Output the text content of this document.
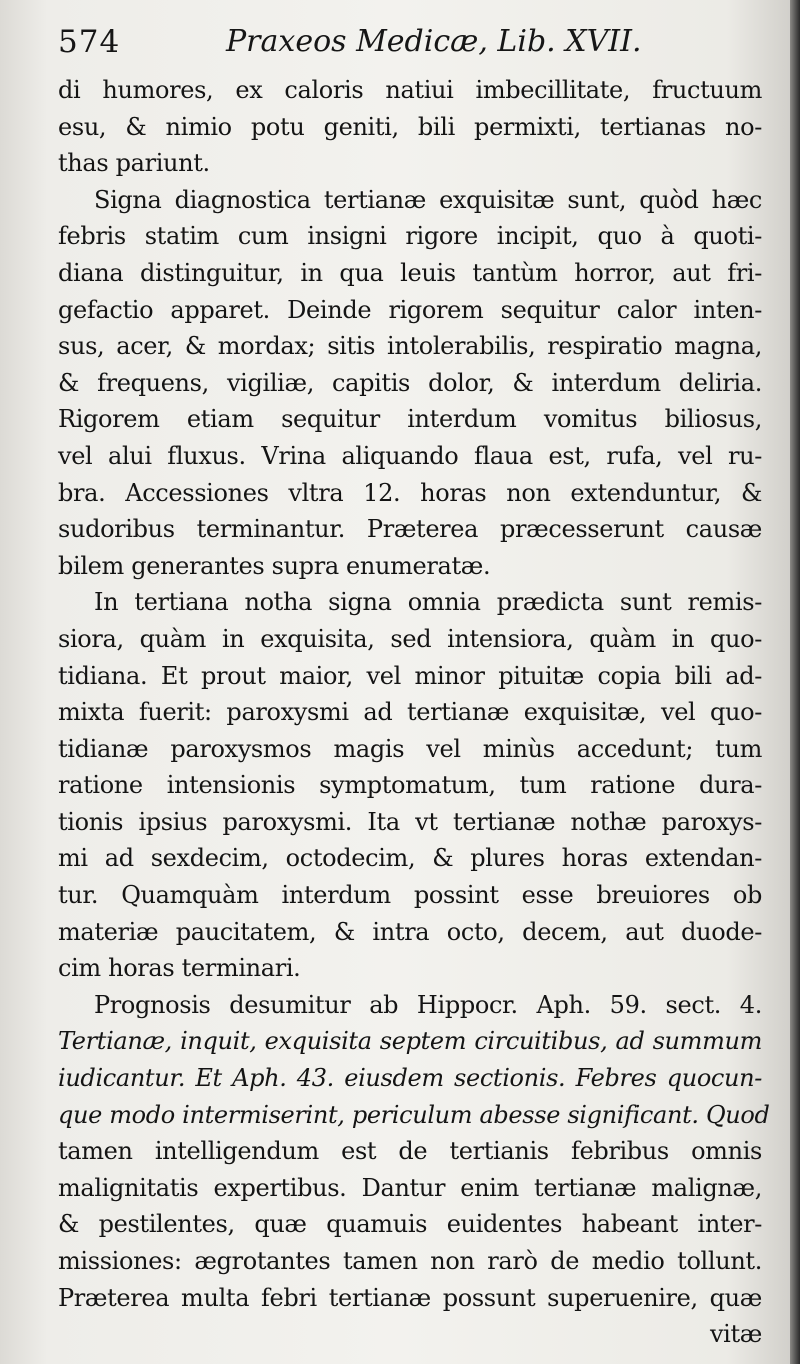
574	Praxeos Medicæ, Lib. XVII.
di humores, ex caloris natiui imbecillitate, fructuum
esu, & nimio potu geniti, bili permixti, tertianas no-
thas pariunt.
Signa diagnostica tertianæ exquisitæ sunt, quòd hæc
febris statim cum insigni rigore incipit, quo à quoti-
diana distinguitur, in qua leuis tantùm horror, aut fri-
gefactio apparet. Deinde rigorem sequitur calor inten-
sus, acer, & mordax; sitis intolerabilis, respiratio magna,
& frequens, vigiliæ, capitis dolor, & interdum deliria.
Rigorem etiam sequitur interdum vomitus biliosus,
vel alui fluxus. Vrina aliquando flaua est, rufa, vel ru-
bra. Accessiones vltra 12. horas non extenduntur, &
sudoribus terminantur. Præterea præcesserunt causæ
bilem generantes supra enumeratæ.
In tertiana notha signa omnia prædicta sunt remis-
siora, quàm in exquisita, sed intensiora, quàm in quo-
tidiana. Et prout maior, vel minor pituitæ copia bili ad-
mixta fuerit: paroxysmi ad tertianæ exquisitæ, vel quo-
tidianæ paroxysmos magis vel minùs accedunt; tum
ratione intensionis symptomatum, tum ratione dura-
tionis ipsius paroxysmi. Ita vt tertianæ nothæ paroxys-
mi ad sexdecim, octodecim, & plures horas extendan-
tur. Quamquàm interdum possint esse breuiores ob
materiæ paucitatem, & intra octo, decem, aut duode-
cim horas terminari.
Prognosis desumitur ab Hippocr. Aph. 59. sect. 4.
Tertianæ, inquit, exquisita septem circuitibus, ad summum
iudicantur. Et Aph. 43. eiusdem sectionis. Febres quocun-
que modo intermiserint, periculum abesse significant. Quod
tamen intelligendum est de tertianis febribus omnis
malignitatis expertibus. Dantur enim tertianæ malignæ,
& pestilentes, quæ quamuis euidentes habeant inter-
missiones: ægrotantes tamen non rarò de medio tollunt.
Præterea multa febri tertianæ possunt superuenire, quæ
vitæ
